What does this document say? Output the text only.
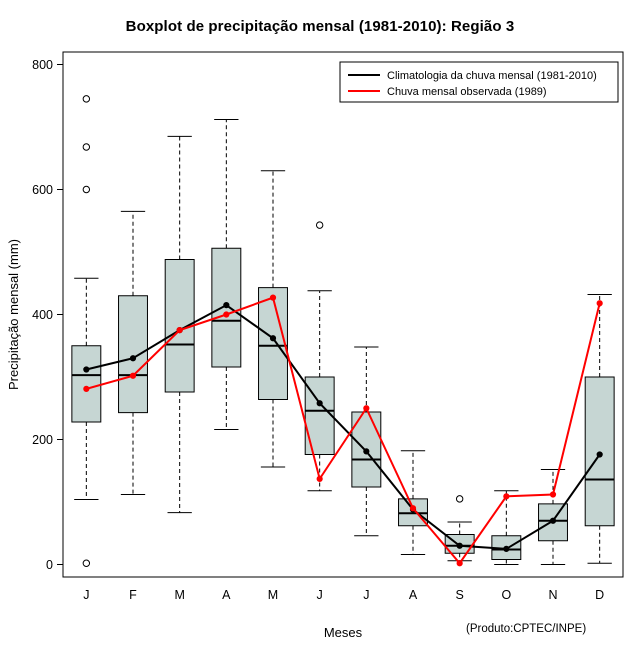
Boxplot de precipitação mensal (1981-2010): Região 3
0
200
400
600
800
Precipitação mensal (mm)
J	F	M	A	M	J	J	A	S	O	N	D
Meses
Climatologia da chuva mensal (1981-2010)
Chuva mensal observada (1989)
(Produto:CPTEC/INPE)
